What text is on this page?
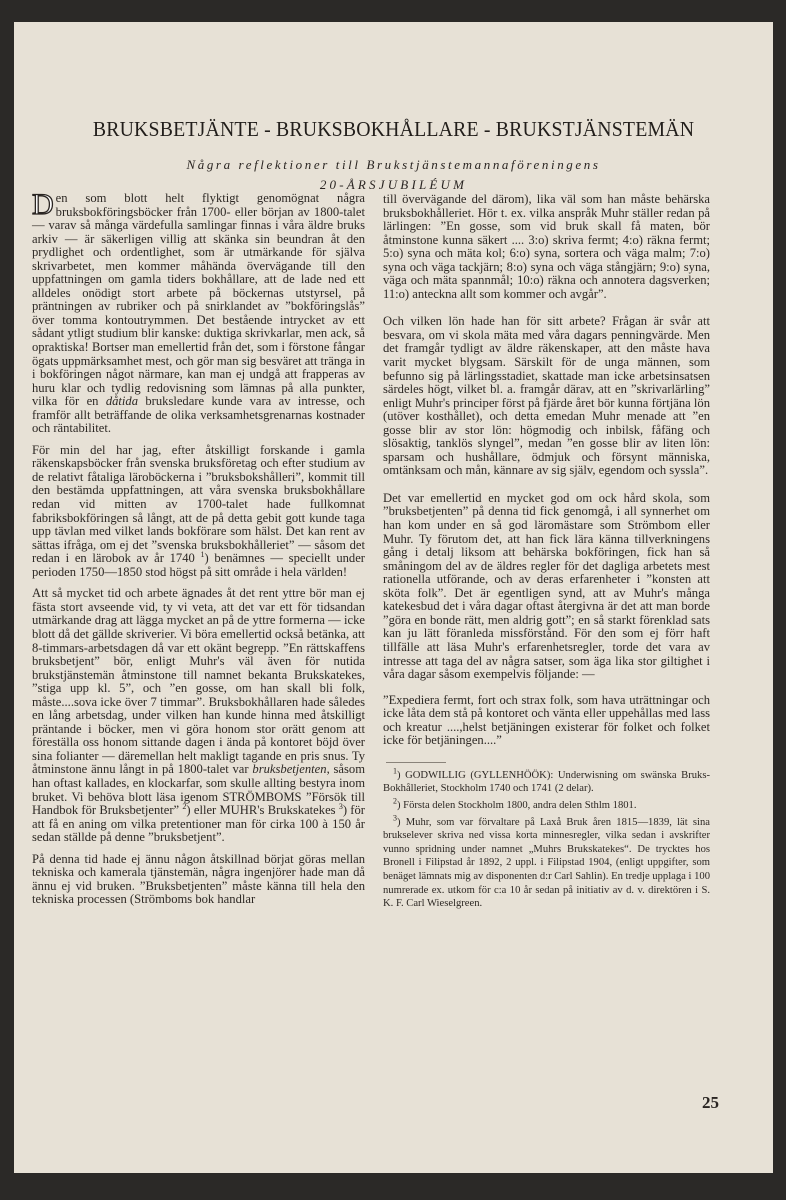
BRUKSBETJÄNTE - BRUKSBOKHÅLLARE - BRUKSTJÄNSTEMÄN
Några reflektioner till Brukstjänstemannaföreningens
20-ÅRSJUBILÉUM

Den som blott helt flyktigt genomögnat några bruksbokföringsböcker från 1700- eller början av 1800-talet — varav så många värdefulla samlingar finnas i våra äldre bruks arkiv — är säkerligen villig att skänka sin beundran åt den prydlighet och ordentlighet, som är utmärkande för själva skrivarbetet, men kommer måhända övervägande till den uppfattningen om gamla tiders bokhållare, att de lade ned ett alldeles onödigt stort arbete på böckernas utstyrsel, på präntningen av rubriker och på snirklandet av ”bokföringslås” över tomma kontoutrymmen. Det bestående intrycket av ett sådant ytligt studium blir kanske: duktiga skrivkarlar, men ack, så opraktiska! Bortser man emellertid från det, som i förstone fångar ögats uppmärksamhet mest, och gör man sig besväret att tränga in i bokföringen något närmare, kan man ej undgå att frapperas av huru klar och tydlig redovisning som lämnas på alla punkter, vilka för en dåtida bruksledare kunde vara av intresse, och framför allt beträffande de olika verksamhetsgrenarnas kostnader och räntabilitet.

För min del har jag, efter åtskilligt forskande i gamla räkenskapsböcker från svenska bruksföretag och efter studium av de relativt fåtaliga läroböckerna i ”bruksbokshålleri”, kommit till den bestämda uppfattningen, att våra svenska bruksbokhållare redan vid mitten av 1700-talet hade fullkomnat fabriksbokföringen så långt, att de på detta gebit gott kunde taga upp tävlan med vilket lands bokförare som hälst. Det kan rent av sättas ifråga, om ej det ”svenska bruksbokhålleriet” — såsom det redan i en lärobok av år 1740 $^1$) benämnes — speciellt under perioden 1750—1850 stod högst på sitt område i hela världen!

Att så mycket tid och arbete ägnades åt det rent yttre bör man ej fästa stort avseende vid, ty vi veta, att det var ett för tidsandan utmärkande drag att lägga mycket an på de yttre formerna — icke blott då det gällde skriverier. Vi böra emellertid också betänka, att 8-timmars-arbetsdagen då var ett okänt begrepp. ”En rättskaffens bruksbetjent” bör, enligt Muhr's väl även för nutida brukstjänstemän åtminstone till namnet bekanta Brukskatekes, ”stiga upp kl. 5”, och ”en gosse, om han skall bli folk, måste....sova icke över 7 timmar”. Bruksbokhållaren hade således en lång arbetsdag, under vilken han kunde hinna med åtskilligt präntande i böcker, men vi göra honom stor orätt genom att föreställa oss honom sittande dagen i ända på kontoret böjd över sina folianter — däremellan helt makligt tagande en pris snus. Ty åtminstone ännu långt in på 1800-talet var bruksbetjenten, såsom han oftast kallades, en klockarfar, som skulle allting bestyra inom bruket. Vi behöva blott läsa igenom STRÖMBOMS ”Försök till Handbok för Bruksbetjenter” $^2$) eller MUHR's Brukskatekes $^3$) för att få en aning om vilka pretentioner man för cirka 100 à 150 år sedan ställde på denne ”bruksbetjent”.

På denna tid hade ej ännu någon åtskillnad börjat göras mellan tekniska och kamerala tjänstemän, några ingenjörer hade man då ännu ej vid bruken. ”Bruksbetjenten” måste känna till hela den tekniska processen (Strömboms bok handlar

till övervägande del därom), lika väl som han måste behärska bruksbokhålleriet. Hör t. ex. vilka anspråk Muhr ställer redan på lärlingen: ”En gosse, som vid bruk skall få maten, bör åtminstone kunna säkert .... 3:o) skriva fermt; 4:o) räkna fermt; 5:o) syna och mäta kol; 6:o) syna, sortera och väga malm; 7:o) syna och väga tackjärn; 8:o) syna och väga stångjärn; 9:o) syna, väga och mäta spannmål; 10:o) räkna och annotera dagsverken; 11:o) anteckna allt som kommer och avgår”.

Och vilken lön hade han för sitt arbete? Frågan är svår att besvara, om vi skola mäta med våra dagars penningvärde. Men det framgår tydligt av äldre räkenskaper, att den måste hava varit mycket blygsam. Särskilt för de unga männen, som befunno sig på lärlingsstadiet, skattade man icke arbetsinsatsen särdeles högt, vilket bl. a. framgår därav, att en ”skrivarlärling” enligt Muhr's principer först på fjärde året bör kunna förtjäna lön (utöver kosthållet), och detta emedan Muhr menade att ”en gosse blir av stor lön: högmodig och inbilsk, fåfäng och slösaktig, tanklös slyngel”, medan ”en gosse blir av liten lön: sparsam och hushållare, ödmjuk och försynt människa, omtänksam och mån, kännare av sig själv, egendom och syssla”.

Det var emellertid en mycket god om ock hård skola, som ”bruksbetjenten” på denna tid fick genomgå, i all synnerhet om han kom under en så god läromästare som Strömbom eller Muhr. Ty förutom det, att han fick lära känna tillverkningens gång i detalj liksom att behärska bokföringen, fick han så småningom del av de äldres regler för det dagliga arbetets mest rationella utförande, och av deras erfarenheter i ”konsten att sköta folk”. Det är egentligen synd, att av Muhr's många katekesbud det i våra dagar oftast återgivna är det att man borde ”göra en bonde rätt, men aldrig gott”; en så starkt förenklad sats kan ju lätt föranleda missförstånd. För den som ej förr haft tillfälle att läsa Muhr's erfarenhetsregler, torde det vara av intresse att taga del av några satser, som äga lika stor giltighet i våra dagar såsom exempelvis följande: —

”Expediera fermt, fort och strax folk, som hava uträttningar och icke låta dem stå på kontoret och vänta eller uppehållas med lass och kreatur ....,helst betjäningen existerar för folket och folket icke för betjäningen....”

$^1$) GODWILLIG (GYLLENHÖÖK): Underwisning om swänska Bruks-Bokhålleriet, Stockholm 1740 och 1741 (2 delar).
$^2$) Första delen Stockholm 1800, andra delen Sthlm 1801.
$^3$) Muhr, som var förvaltare på Laxå Bruk åren 1815—1839, lät sina brukselever skriva ned vissa korta minnesregler, vilka sedan i avskrifter vunno spridning under namnet „Muhrs Brukskatekes“. De trycktes hos Bronell i Filipstad år 1892, 2 uppl. i Filipstad 1904, (enligt uppgifter, som benäget lämnats mig av disponenten d:r Carl Sahlin). En tredje upplaga i 100 numrerade ex. utkom för c:a 10 år sedan på initiativ av d. v. direktören i S. K. F. Carl Wieselgreen.
25
